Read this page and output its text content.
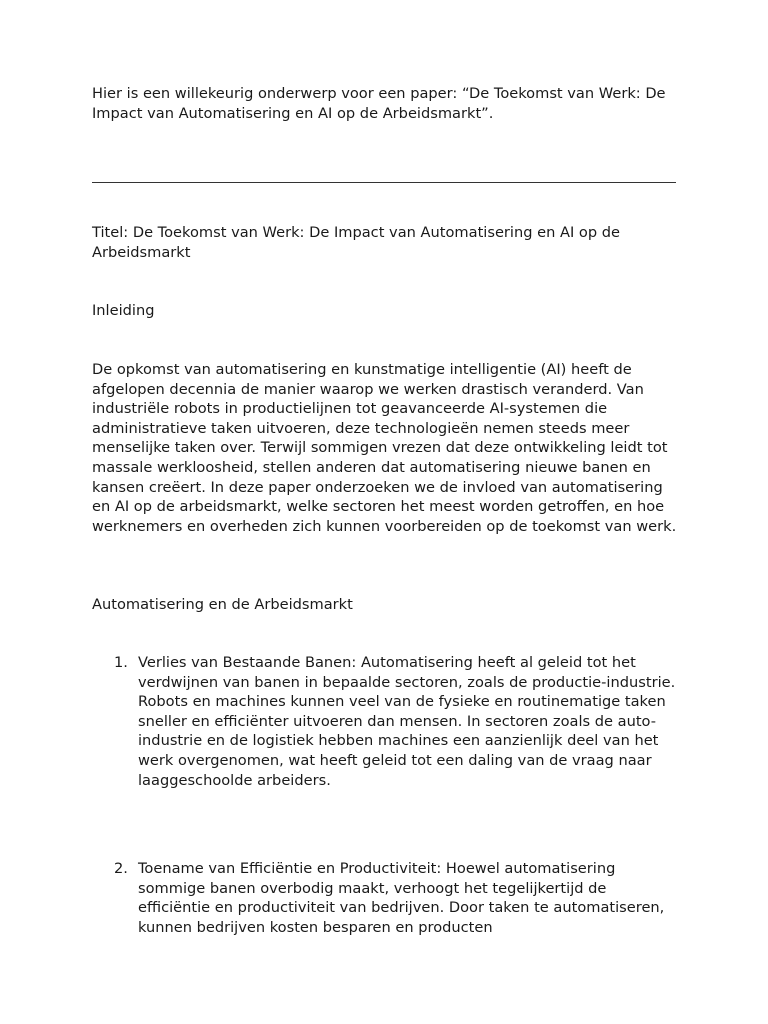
Hier is een willekeurig onderwerp voor een paper: “De Toekomst van Werk: De Impact van Automatisering en AI op de Arbeidsmarkt”.

Titel: De Toekomst van Werk: De Impact van Automatisering en AI op de Arbeidsmarkt

Inleiding

De opkomst van automatisering en kunstmatige intelligentie (AI) heeft de afgelopen decennia de manier waarop we werken drastisch veranderd. Van industriële robots in productielijnen tot geavanceerde AI-systemen die administratieve taken uitvoeren, deze technologieën nemen steeds meer menselijke taken over. Terwijl sommigen vrezen dat deze ontwikkeling leidt tot massale werkloosheid, stellen anderen dat automatisering nieuwe banen en kansen creëert. In deze paper onderzoeken we de invloed van automatisering en AI op de arbeidsmarkt, welke sectoren het meest worden getroffen, en hoe werknemers en overheden zich kunnen voorbereiden op de toekomst van werk.

Automatisering en de Arbeidsmarkt

1. Verlies van Bestaande Banen: Automatisering heeft al geleid tot het verdwijnen van banen in bepaalde sectoren, zoals de productie-industrie. Robots en machines kunnen veel van de fysieke en routinematige taken sneller en efficiënter uitvoeren dan mensen. In sectoren zoals de auto-industrie en de logistiek hebben machines een aanzienlijk deel van het werk overgenomen, wat heeft geleid tot een daling van de vraag naar laaggeschoolde arbeiders.
2. Toename van Efficiëntie en Productiviteit: Hoewel automatisering sommige banen overbodig maakt, verhoogt het tegelijkertijd de efficiëntie en productiviteit van bedrijven. Door taken te automatiseren, kunnen bedrijven kosten besparen en producten
